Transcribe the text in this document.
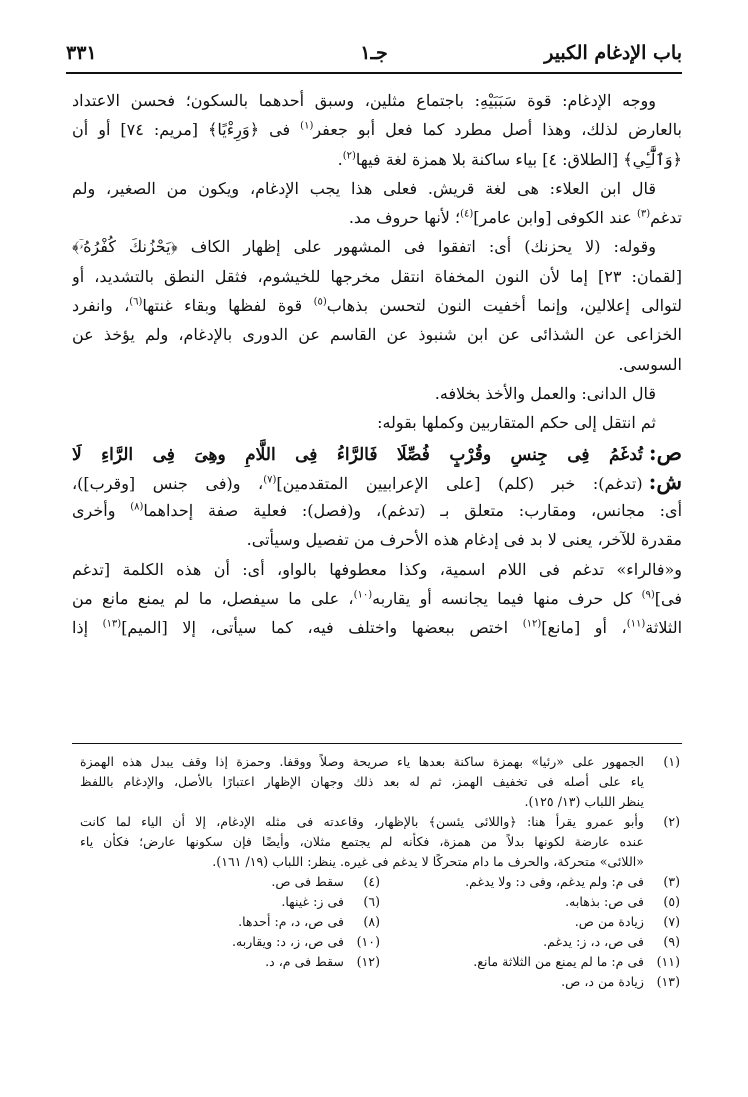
باب الإدغام الكبير
جـ١
٣٣١
ووجه الإدغام: قوة سَبَبَيْهِ: باجتماع مثلين، وسبق أحدهما بالسكون؛ فحسن الاعتداد
بالعارض لذلك، وهذا أصل مطرد كما فعل أبو جعفر$^{(١)}$ فى ﴿وَرِءْيًا﴾ [مريم: ٧٤] أو أن
﴿وَٱلَّٰٓـِٔي﴾ [الطلاق: ٤] بياء ساكنة بلا همزة لغة فيها$^{(٢)}$.
قال ابن العلاء: هى لغة قريش. فعلى هذا يجب الإدغام، ويكون من الصغير، ولم
تدغم$^{(٣)}$ عند الكوفى [وابن عامر]$^{(٤)}$؛ لأنها حروف مد.
وقوله: (لا يحزنك) أى: اتفقوا فى المشهور على إظهار الكاف ﴿يَحْزُنكَ كُفْرُهُۥٓ﴾
[لقمان: ٢٣] إما لأن النون المخفاة انتقل مخرجها للخيشوم، فثقل النطق بالتشديد، أو
لتوالى إعلالين، وإنما أخفيت النون لتحسن بذهاب$^{(٥)}$ قوة لفظها وبقاء غنتها$^{(٦)}$، وانفرد
الخزاعى عن الشذائى عن ابن شنبوذ عن القاسم عن الدورى بالإدغام، ولم يؤخذ عن
السوسى.
قال الدانى: والعمل والأخذ بخلافه.
ثم انتقل إلى حكم المتقاربين وكملها بقوله:
ص:تُدغَمُ فِى جِنسٍ وقُرْبٍ فُصِّلَا فَالرَّاءُ فِى اللَّامِ وهِىَ فِى الرَّاءِ لَا
ش:(تدغم): خبر (كلم) [على الإعرابيين المتقدمين]$^{(٧)}$، و(فى جنس [وقرب])،
أى: مجانس، ومقارب: متعلق بـ (تدغم)، و(فصل): فعلية صفة إحداهما$^{(٨)}$ وأخرى
مقدرة للآخر، يعنى لا بد فى إدغام هذه الأحرف من تفصيل وسيأتى.
و«فالراء» تدغم فى اللام اسمية، وكذا معطوفها بالواو، أى: أن هذه الكلمة [تدغم
فى]$^{(٩)}$ كل حرف منها فيما يجانسه أو يقاربه$^{(١٠)}$، على ما سيفصل، ما لم يمنع مانع من
الثلاثة$^{(١١)}$، أو [مانع]$^{(١٢)}$ اختص ببعضها واختلف فيه، كما سيأتى، إلا [الميم]$^{(١٣)}$ إذا
(١)
الجمهور على «رئيا» بهمزة ساكنة بعدها ياء صريحة وصلاً ووقفا. وحمزة إذا وقف يبدل هذه الهمزة
ياء على أصله فى تخفيف الهمز، ثم له بعد ذلك وجهان الإظهار اعتبارًا بالأصل، والإدغام باللفظ
ينظر اللباب (١٣/ ١٢٥).
(٢)
وأبو عمرو يقرأ هنا: ﴿واللائى يئسن﴾ بالإظهار، وقاعدته فى مثله الإدغام، إلا أن الياء لما كانت
عنده عارضة لكونها بدلاً من همزة، فكأنه لم يجتمع مثلان، وأيضًا فإن سكونها عارض؛ فكأن ياء
«اللائى» متحركة، والحرف ما دام متحركًا لا يدغم فى غيره. ينظر: اللباب (١٩/ ١٦١).
(٣)
فى م: ولم يدغم، وفى د: ولا يدغم.
(٤)
سقط فى ص.
(٥)
فى ص: بذهابه.
(٦)
فى ز: غينها.
(٧)
زيادة من ص.
(٨)
فى ص، د، م: أحدها.
(٩)
فى ص، د، ز: يدغم.
(١٠)
فى ص، ز، د: ويقاربه.
(١١)
فى م: ما لم يمنع من الثلاثة مانع.
(١٢)
سقط فى م، د.
(١٣)
زيادة من د، ص.
